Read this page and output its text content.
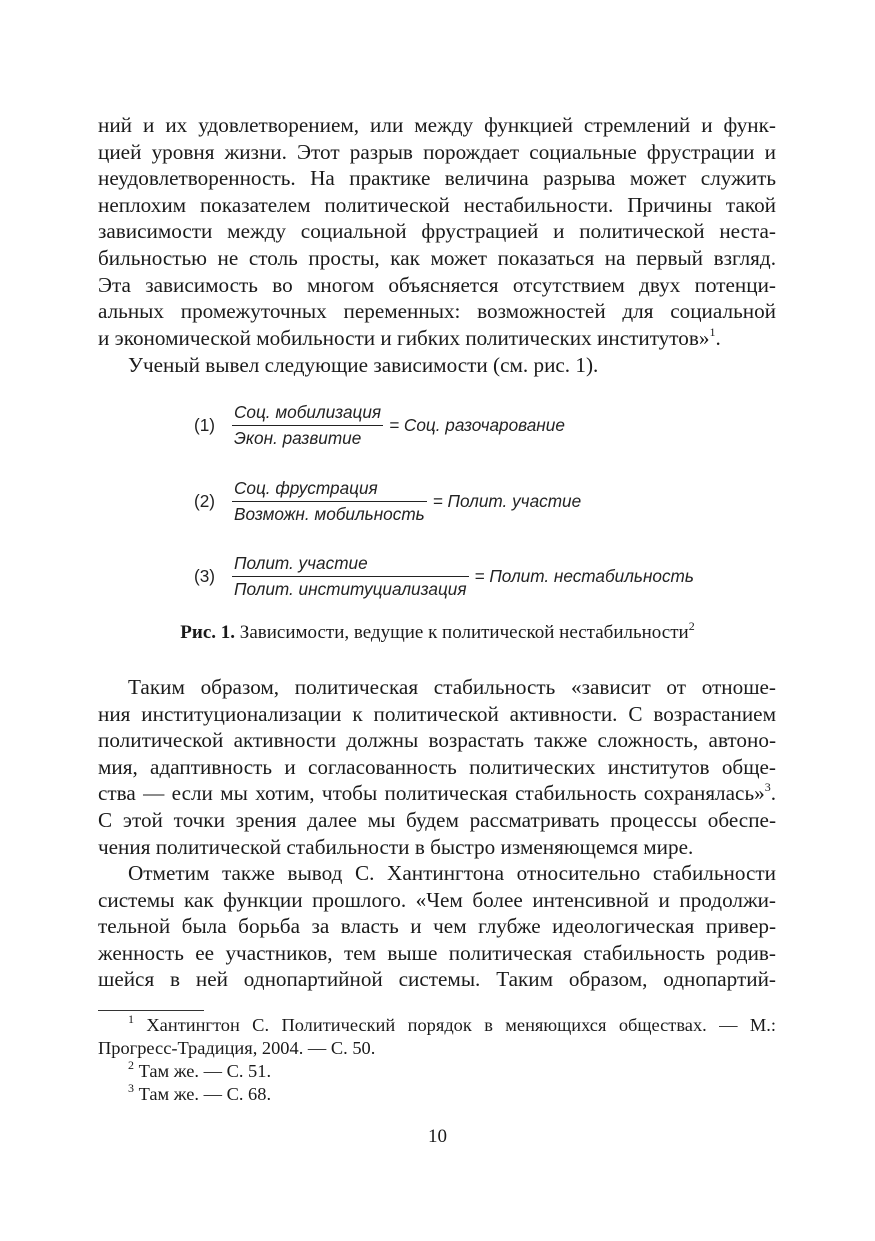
ний и их удовлетворением, или между функцией стремлений и функ-
цией уровня жизни. Этот разрыв порождает социальные фрустрации и
неудовлетворенность. На практике величина разрыва может служить
неплохим показателем политической нестабильности. Причины такой
зависимости между социальной фрустрацией и политической неста-
бильностью не столь просты, как может показаться на первый взгляд.
Эта зависимость во многом объясняется отсутствием двух потенци-
альных промежуточных переменных: возможностей для социальной
и экономической мобильности и гибких политических институтов»$^1$.
Ученый вывел следующие зависимости (см. рис. 1).
$(1) \frac{\text{Соц. мобилизация}}{\text{Экон. развитие}}$ = Соц. разочарование
$(2) \frac{\text{Соц. фрустрация}}{\text{Возможн. мобильность}}$ = Полит. участие
$(3) \frac{\text{Полит. участие}}{\text{Полит. институциализация}}$ = Полит. нестабильность
Рис. 1. Зависимости, ведущие к политической нестабильности$^2$
Таким образом, политическая стабильность «зависит от отноше-
ния институционализации к политической активности. С возрастанием
политической активности должны возрастать также сложность, автоно-
мия, адаптивность и согласованность политических институтов обще-
ства — если мы хотим, чтобы политическая стабильность сохранялась»$^3$.
С этой точки зрения далее мы будем рассматривать процессы обеспе-
чения политической стабильности в быстро изменяющемся мире.
Отметим также вывод С. Хантингтона относительно стабильности
системы как функции прошлого. «Чем более интенсивной и продолжи-
тельной была борьба за власть и чем глубже идеологическая привер-
женность ее участников, тем выше политическая стабильность родив-
шейся в ней однопартийной системы. Таким образом, однопартий-
$^1$ Хантингтон С. Политический порядок в меняющихся обществах. — М.:
Прогресс-Традиция, 2004. — С. 50.
$^2$ Там же. — С. 51.
$^3$ Там же. — С. 68.
10
